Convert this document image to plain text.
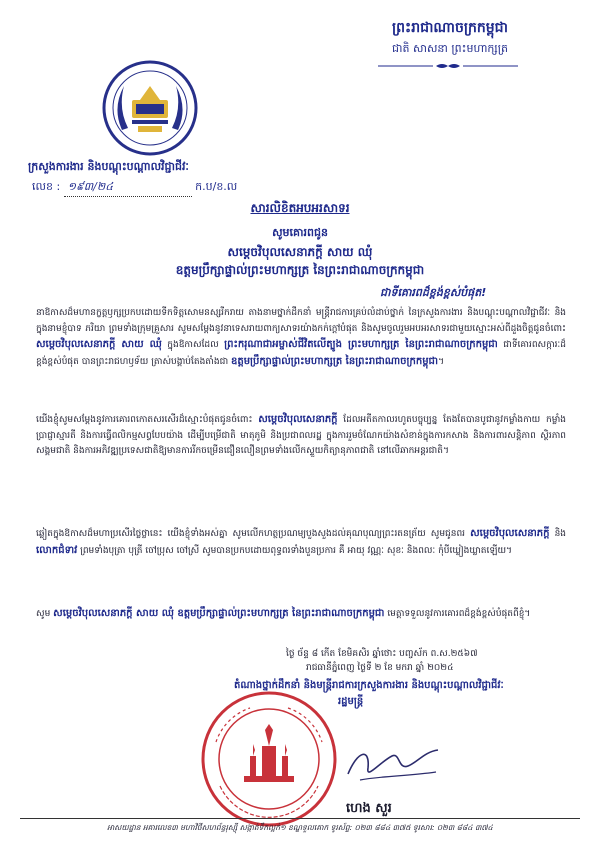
ព្រះរាជាណាចក្រកម្ពុជា
ជាតិ សាសនា ព្រះមហាក្សត្រ
ក្រសួងការងារ និងបណ្តុះបណ្តាលវិជ្ជាជីវៈ
លេខ : ១៩៣/២៤	ក.ប/ខ.ល
សារលិខិតអបអរសាទរ
សូមគោរពជូន
សម្តេចវិបុលសេនាភក្តី សាយ ឈុំ
ឧត្តមប្រឹក្សាផ្ទាល់ព្រះមហាក្សត្រ នៃព្រះរាជាណាចក្រកម្ពុជា
ជាទីគោរពដ៏ខ្ពង់ខ្ពស់បំផុត!
នាឱកាសដ៏មហានក្ខត្តឫក្សប្រកបដោយទីកទិត្តសោមនស្សរីករាយ តាងនាមថ្នាក់ដឹកនាំ មន្ត្រីរាជការគ្រប់លំដាប់ថ្នាក់ នៃក្រសួងការងារ និងបណ្តុះបណ្តាលវិជ្ជាជីវៈ និងក្នុងនាមខ្ញុំបាទ ភរិយា ព្រមទាំងក្រុមគ្រួសារ សូមសម្តែងនូវនាទេសរាយពាក្យសាទរយ៉ាងកក់ក្តៅបំផុត និងសូមចូលរួមអបអរសាទរជាមួយស្មោះអស់ពីដួងចិត្តជូនចំពោះ សម្តេចវិបុលសេនាភក្តី សាយ ឈុំ ក្នុងឱកាសដែល ព្រះករុណាជាអម្ចាស់ជីវិតលើត្បូង ព្រះមហាក្សត្រ នៃព្រះរាជាណាចក្រកម្ពុជា ជាទីគោរពសក្ការៈដ៏ខ្ពង់ខ្ពស់បំផុត បានព្រះរាជហឫទ័យ ត្រាស់បង្គាប់តែងតាំងជា ឧត្តមប្រឹក្សាផ្ទាល់ព្រះមហាក្សត្រ នៃព្រះរាជាណាចក្រកម្ពុជា។
យើងខ្ញុំសូមសម្តែងនូវការគោរពកោតសរសើរដ៏ស្មោះបំផុតជូនចំពោះ សម្តេចវិបុលសេនាភក្តី ដែលអតីតកាលរហូតបច្ចុប្បន្ន តែងតែបានបូជានូវកម្លាំងកាយ កម្លាំងប្រាជ្ញាស្មារតី និងការធ្វើពលិកម្មសព្វបែបយ៉ាង ដើម្បីបម្រើជាតិ មាតុភូមិ និងប្រជាពលរដ្ឋ ក្នុងការរួមចំណែកយ៉ាងសំខាន់ក្នុងការកសាង និងការពារសន្តិភាព ស្ថិរភាពសង្គមជាតិ និងការអភិវឌ្ឍប្រទេសជាតិឱ្យមានការរីកចម្រើនជឿនលឿនព្រមទាំងលើកស្ទួយកិត្យានុភាពជាតិ នៅលើឆាកអន្តរជាតិ។
ឆ្លៀតក្នុងឱកាសដ៏មហាប្រសើរថ្លៃថ្លានេះ យើងខ្ញុំទាំងអស់គ្នា សូមលើកហត្ថប្រណម្យបួងសួងដល់គុណបុណ្យព្រះរតនត្រ័យ សូមជូនពរ សម្តេចវិបុលសេនាភក្តី និង លោកជំទាវ ព្រមទាំងបុត្រា បុត្រី ចៅប្រុស ចៅស្រី សូមបានប្រកបដោយពុទ្ធពរទាំងបួនប្រការ គឺ អាយុ វណ្ណៈ សុខៈ និងពលៈ កុំបីឃ្លៀងឃ្លាតឡើយ។
សូម សម្តេចវិបុលសេនាភក្តី សាយ ឈុំ ឧត្តមប្រឹក្សាផ្ទាល់ព្រះមហាក្សត្រ នៃព្រះរាជាណាចក្រកម្ពុជា មេត្តាទទួលនូវការគោរពដ៏ខ្ពង់ខ្ពស់បំផុតពីខ្ញុំ។
ថ្ងៃ ច័ន្ទ ៨ កើត ខែមិគសិរ ឆ្នាំថោះ បញ្ចស័ក ព.ស.២៥៦៧
រាជធានីភ្នំពេញ ថ្ងៃទី ២ ខែ មករា ឆ្នាំ ២០២៤
តំណាងថ្នាក់ដឹកនាំ និងមន្ត្រីរាជការក្រសួងការងារ និងបណ្តុះបណ្តាលវិជ្ជាជីវៈ
រដ្ឋមន្ត្រី
ហេង សួរ
អាសយដ្ឋាន អគារលេខ៣ មហាវិថីសហព័ន្ធរុស្ស៊ី សង្កាត់ទឹកល្អក់១ ខណ្ឌទួលគោក ទូរស័ព្ទ: ០២៣ ៨៨៤ ៣៧៥ ទូរសារ: ០២៣ ៨៨៤ ៣៧៤
